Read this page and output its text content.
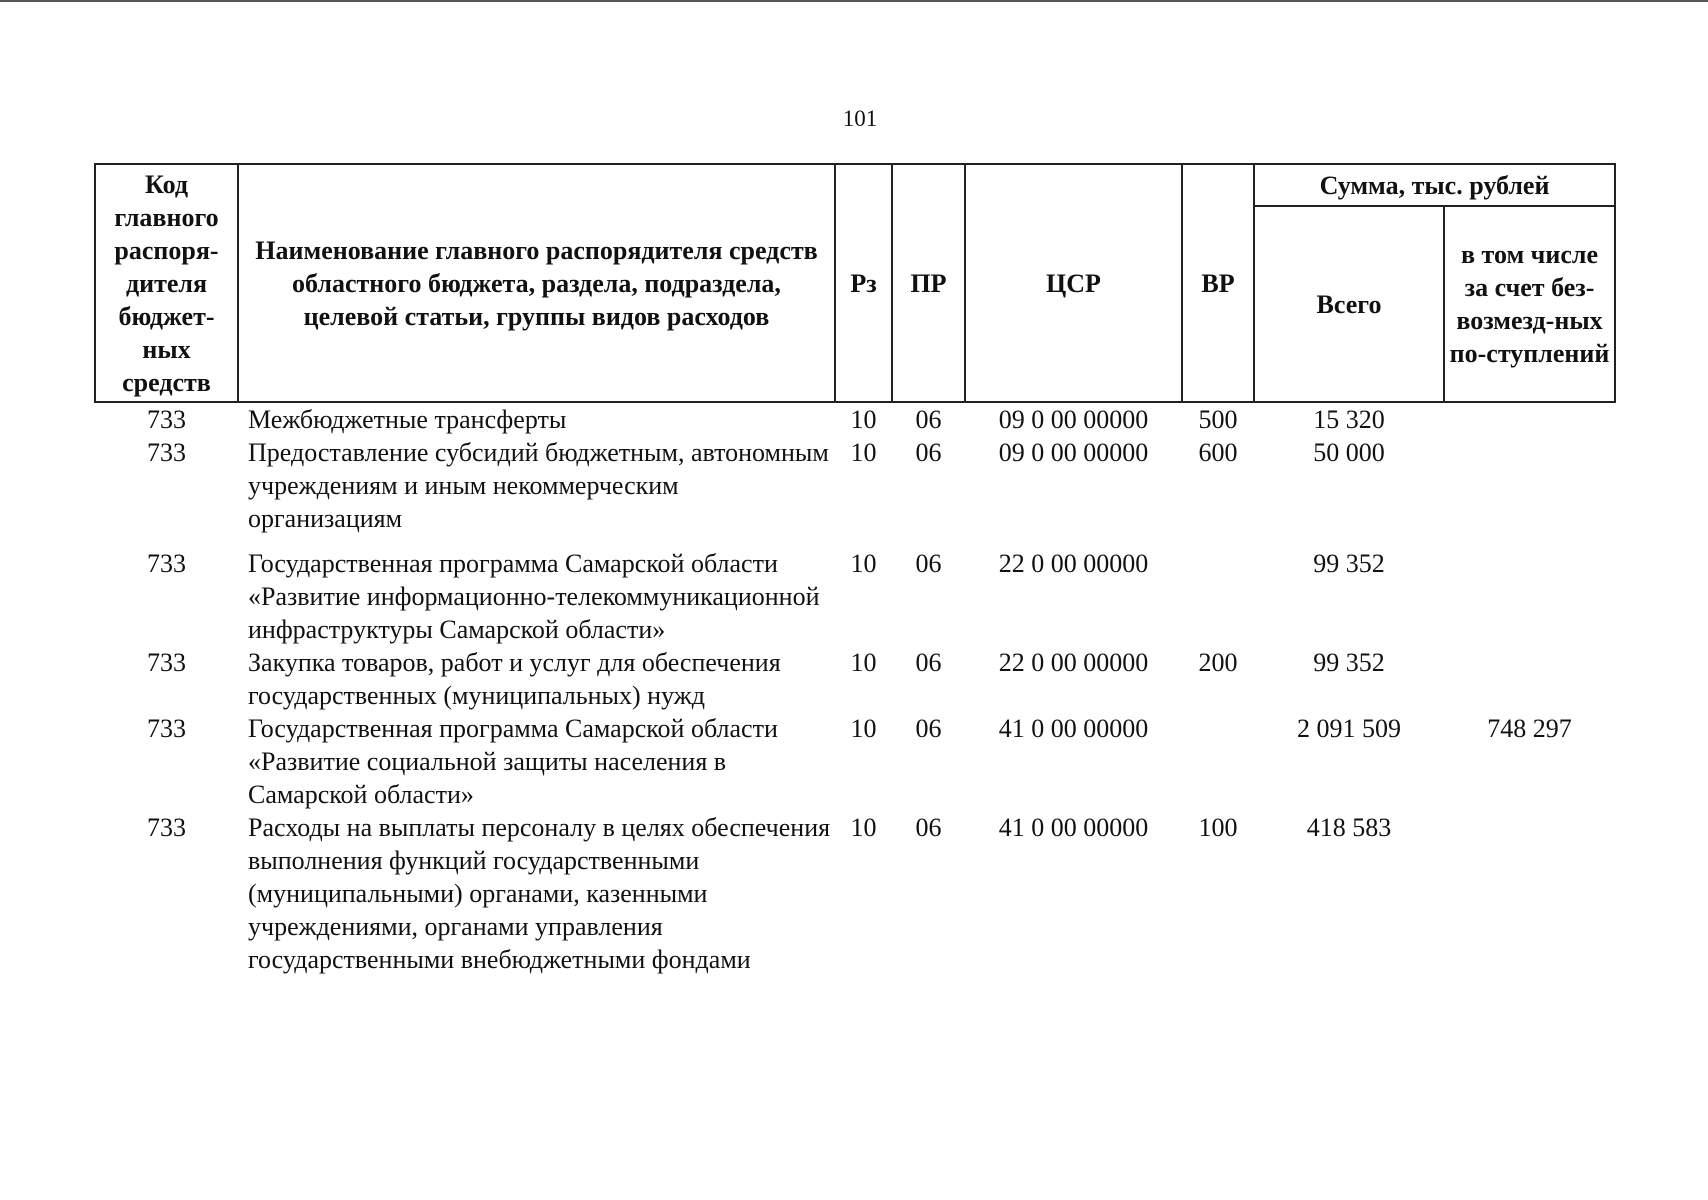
101
Код главного распоря-дителя бюджет-ных средств	Наименование главного распорядителя средств областного бюджета, раздела, подраздела, целевой статьи, группы видов расходов	Рз	ПР	ЦСР	ВР	Сумма, тыс. рублей	
						Всего	в том числе за счет без-возмезд-ных по-ступлений
733	Межбюджетные трансферты	10	06	09 0 00 00000	500	15 320	
733	Предоставление субсидий бюджетным, автономным учреждениям и иным некоммерческим организациям	10	06	09 0 00 00000	600	50 000	
733	Государственная программа Самарской области «Развитие информационно-телекоммуникационной инфраструктуры Самарской области»	10	06	22 0 00 00000		99 352	
733	Закупка товаров, работ и услуг для обеспечения государственных (муниципальных) нужд	10	06	22 0 00 00000	200	99 352	
733	Государственная программа Самарской области «Развитие социальной защиты населения в Самарской области»	10	06	41 0 00 00000		2 091 509	748 297
733	Расходы на выплаты персоналу в целях обеспечения выполнения функций государственными (муниципальными) органами, казенными учреждениями, органами управления государственными внебюджетными фондами	10	06	41 0 00 00000	100	418 583	
